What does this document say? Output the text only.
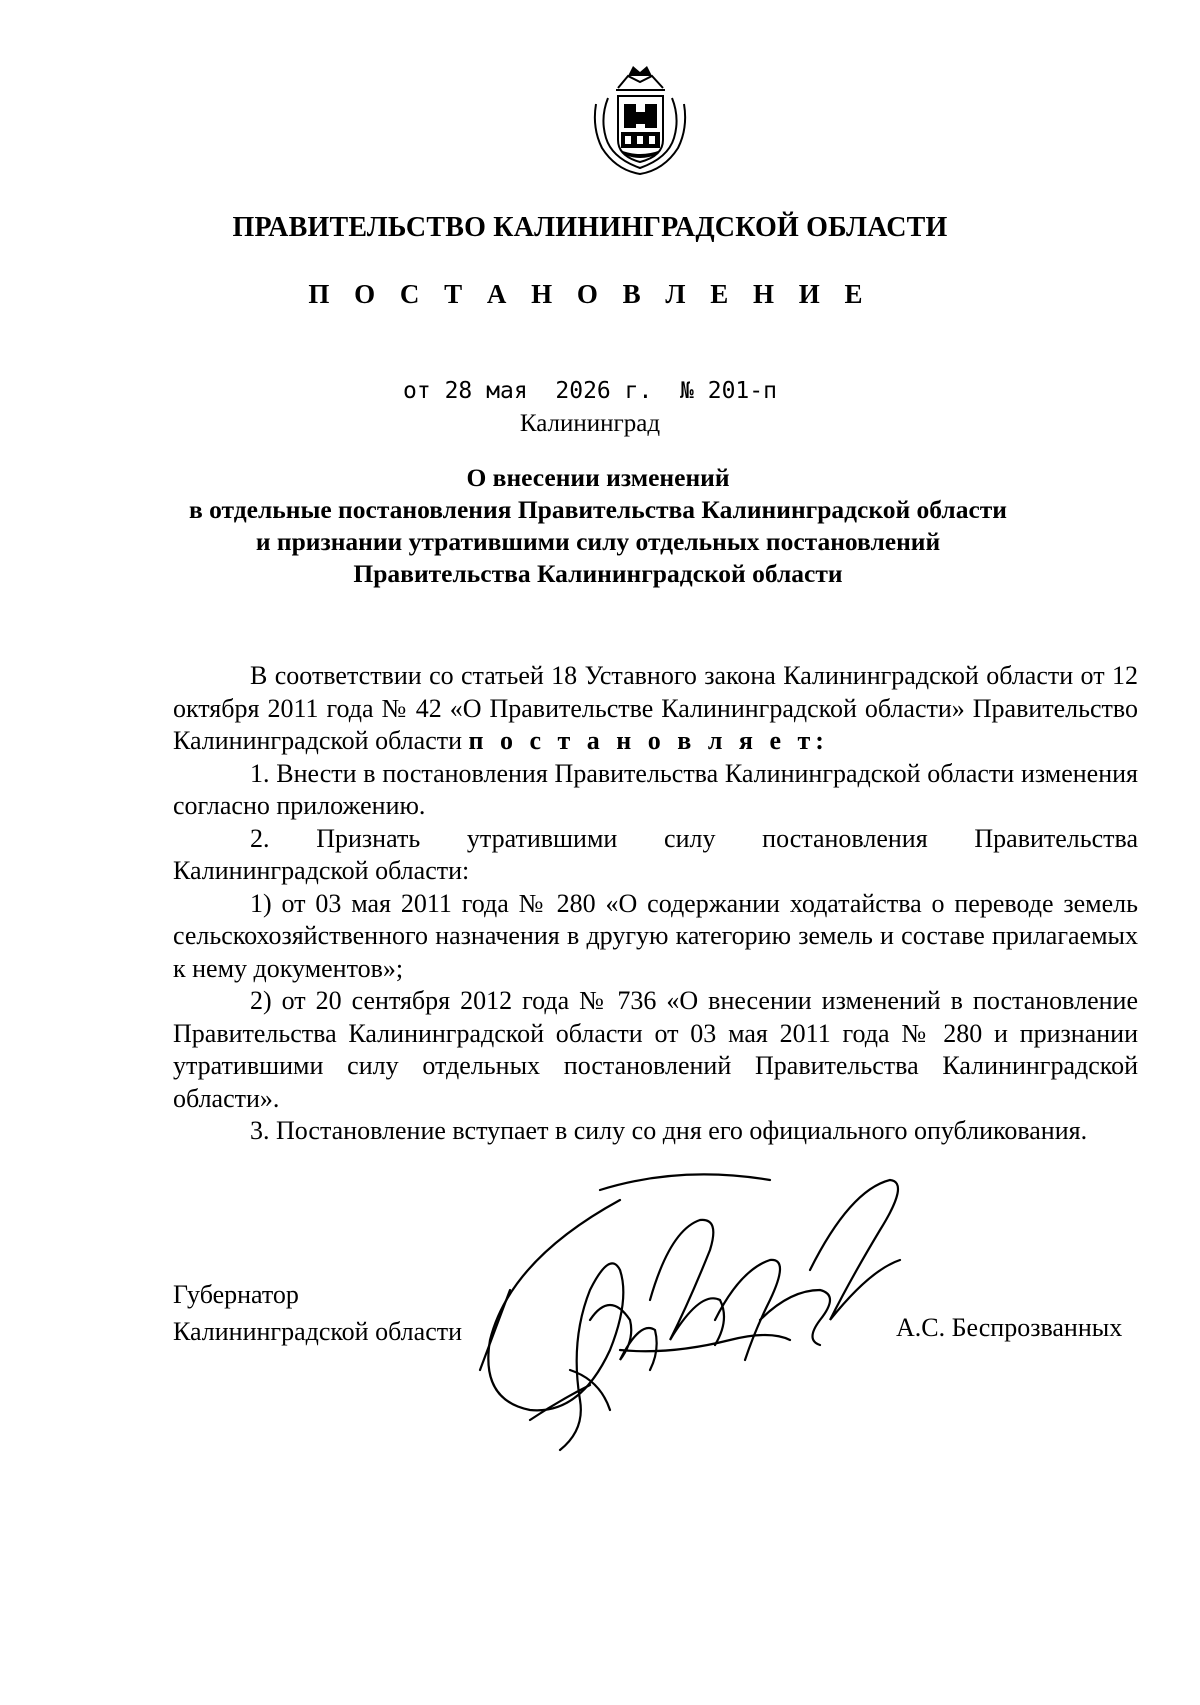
ПРАВИТЕЛЬСТВО КАЛИНИНГРАДСКОЙ ОБЛАСТИ
П О С Т А Н О В Л Е Н И Е
от 28 мая 2026 г. № 201-п
Калининград
О внесении изменений
в отдельные постановления Правительства Калининградской области
и признании утратившими силу отдельных постановлений
Правительства Калининградской области

В соответствии со статьей 18 Уставного закона Калининградской области от 12 октября 2011 года № 42 «О Правительстве Калининградской области» Правительство Калининградской области п о с т а н о в л я е т:

1. Внести в постановления Правительства Калининградской области изменения согласно приложению.

2. Признать утратившими силу постановления Правительства Калининградской области:

1) от 03 мая 2011 года № 280 «О содержании ходатайства о переводе земель сельскохозяйственного назначения в другую категорию земель и составе прилагаемых к нему документов»;

2) от 20 сентября 2012 года № 736 «О внесении изменений в постановление Правительства Калининградской области от 03 мая 2011 года № 280 и признании утратившими силу отдельных постановлений Правительства Калининградской области».

3. Постановление вступает в силу со дня его официального опубликования.

Губернатор
Калининградской области	А.С. Беспрозванных
